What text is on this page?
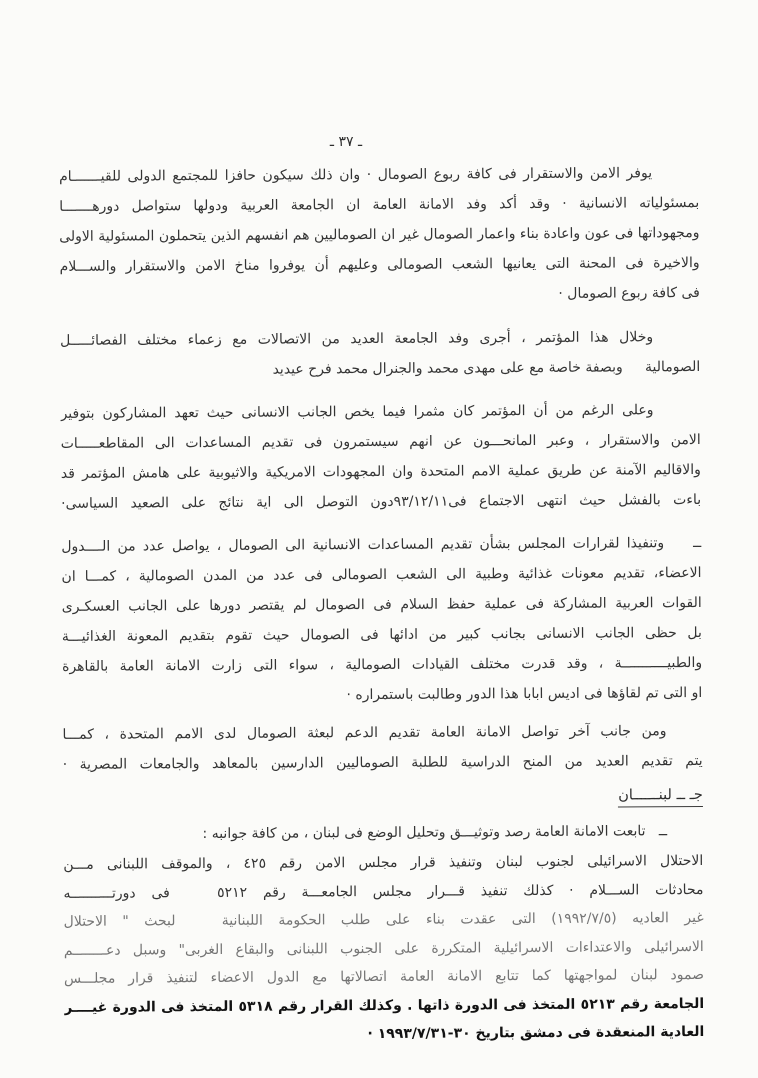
ـ ٣٧ ـ
يوفر الامن والاستقرار فى كافة ربوع الصومال · وان ذلك سيكون حافزا للمجتمع الدولى للقيـــــــام
بمسئولياته الانسانية · وقد أكد وفد الامانة العامة ان الجامعة العربية ودولها ستواصل دورهـــــــا
ومجهوداتها فى عون واعادة بناء واعمار الصومال غير ان الصوماليين هم انفسهم الذين يتحملون المسئولية الاولى
والاخيرة فى المحنة التى يعانيها الشعب الصومالى وعليهم أن يوفروا مناخ الامن والاستقرار والســـلام
فى كافة ربوع الصومال ·
وخلال هذا المؤتمر ، أجرى وفد الجامعة العديد من الاتصالات مع زعماء مختلف الفصائـــــل
الصومالية     وبصفة خاصة مع على مهدى محمد والجنرال محمد فرح عيديد
وعلى الرغم من أن المؤتمر كان مثمرا فيما يخص الجانب الانسانى حيث تعهد المشاركون بتوفير
الامن والاستقرار ، وعبر المانحـــون عن انهم سيستمرون فى تقديم المساعدات الى المقاطعـــــات
والاقاليم الآمنة عن طريق عملية الامم المتحدة وان المجهودات الامريكية والاثيوبية على هامش المؤتمر قد
باءت بالفشل حيث انتهى الاجتماع فى٩٣/١٢/١١دون التوصل الى اية نتائج على الصعيد السياسى·
ــ    وتنفيذا لقرارات المجلس بشأن تقديم المساعدات الانسانية الى الصومال ، يواصل عدد من الــــدول
الاعضاء، تقديم معونات غذائية وطبية الى الشعب الصومالى فى عدد من المدن الصومالية ، كمـــا ان
القوات العربية المشاركة فى عملية حفظ السلام فى الصومال لم يقتصر دورها على الجانب العسكـرى
بل حظى الجانب الانسانى بجانب كبير من ادائها فى الصومال حيث تقوم بتقديم المعونة الغذائيـــة
والطبيـــــــــــة ، وقد قدرت مختلف القيادات الصومالية ، سواء التى زارت الامانة العامة بالقاهرة
او التى تم لقاؤها فى اديس ابابا هذا الدور وطالبت باستمراره ·
ومن جانب آخر تواصل الامانة العامة تقديم الدعم لبعثة الصومال لدى الامم المتحدة ، كمـــا
يتم تقديم العديد من المنح الدراسية للطلبة الصوماليين الدارسين بالمعاهد والجامعات المصرية ·
جـ ــ لبنــــــان
ــ   تابعت الامانة العامة رصد وتوثيـــق وتحليل الوضع فى لبنان ، من كافة جوانبه :
الاحتلال الاسرائيلى لجنوب لبنان وتنفيذ قرار مجلس الامن رقم ٤٢٥ ، والموقف اللبنانى مـــن
محادثات الســـلام · كذلك تنفيذ قـــرار مجلس الجامعـــة رقم ٥٢١٢   فى دورتــــــــــه
غير العاديه (١٩٩٢/٧/٥) التى عقدت بناء على طلب الحكومة اللبنانية   لبحث " الاحتلال
الاسرائيلى والاعتداءات الاسرائيلية المتكررة على الجنوب اللبنانى والبقاع الغربى" وسبل دعــــــــم
صمود لبنان لمواجهتها كما تتابع الامانة العامة اتصالاتها مع الدول الاعضاء لتنفيذ قرار مجلـــس
الجامعة رقم ٥٢١٣ المتخذ فى الدورة ذاتها . وكذلك القرار رقم ٥٣١٨ المتخذ فى الدورة غيــــر
العادية المنعقدة فى دمشق بتاريخ ٣٠-١٩٩٣/٧/٣١ ·
